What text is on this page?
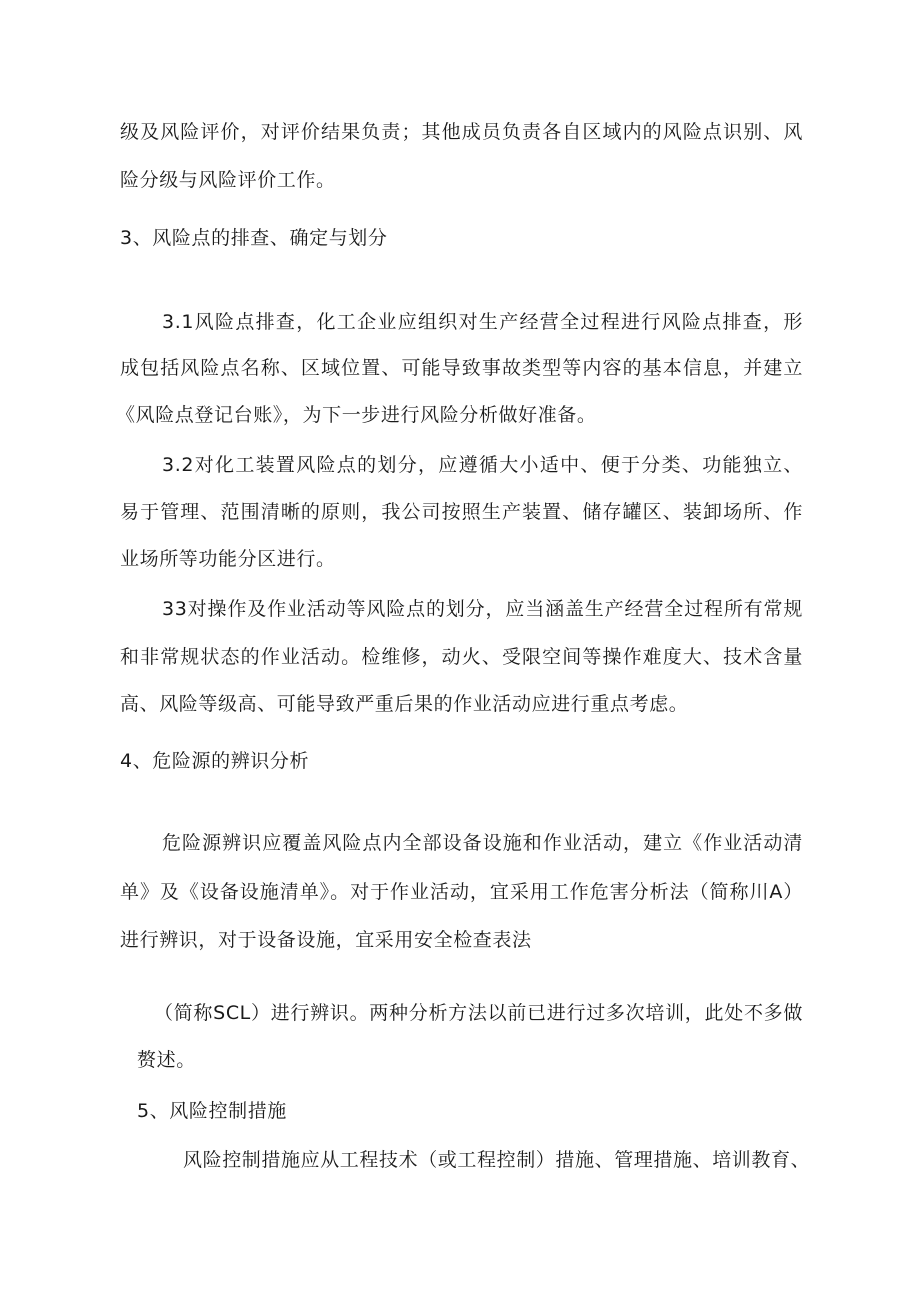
级及风险评价，对评价结果负责；其他成员负责各自区域内的风险点识别、风
险分级与风险评价工作。
3、风险点的排查、确定与划分
3.1风险点排查，化工企业应组织对生产经营全过程进行风险点排查，形
成包括风险点名称、区域位置、可能导致事故类型等内容的基本信息，并建立
《风险点登记台账》，为下一步进行风险分析做好准备。
3.2对化工装置风险点的划分，应遵循大小适中、便于分类、功能独立、
易于管理、范围清晰的原则，我公司按照生产装置、储存罐区、装卸场所、作
业场所等功能分区进行。
33对操作及作业活动等风险点的划分，应当涵盖生产经营全过程所有常规
和非常规状态的作业活动。检维修，动火、受限空间等操作难度大、技术含量
高、风险等级高、可能导致严重后果的作业活动应进行重点考虑。
4、危险源的辨识分析
危险源辨识应覆盖风险点内全部设备设施和作业活动，建立《作业活动清
单》及《设备设施清单》。对于作业活动，宜采用工作危害分析法（简称川A）
进行辨识，对于设备设施，宜采用安全检查表法
（简称SCL）进行辨识。两种分析方法以前已进行过多次培训，此处不多做
赘述。
5、风险控制措施
风险控制措施应从工程技术（或工程控制）措施、管理措施、培训教育、
